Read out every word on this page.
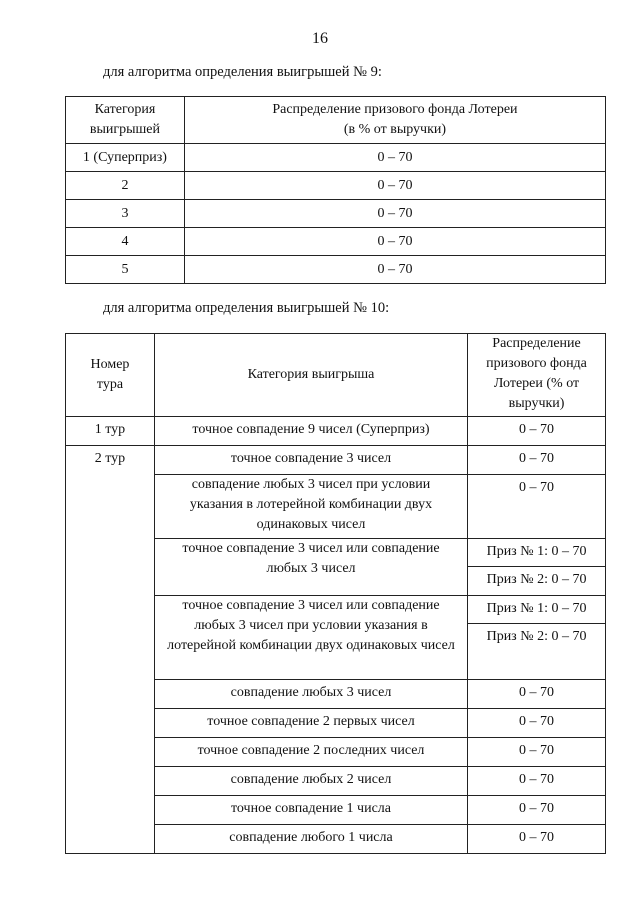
16
для алгоритма определения выигрышей № 9:
Категория выигрышей	Распределение призового фонда Лотереи
(в % от выручки)

1 (Суперприз)	0 – 70
2	0 – 70
3	0 – 70
4	0 – 70
5	0 – 70
для алгоритма определения выигрышей № 10:
Номер тура	Категория выигрыша	Распределение призового фонда Лотереи (% от выручки)
1 тур	точное совпадение 9 чисел (Суперприз)	0 – 70
2 тур	точное совпадение 3 чисел	0 – 70
	совпадение любых 3 чисел при условии указания в лотерейной комбинации двух одинаковых чисел	0 – 70
	точное совпадение 3 чисел или совпадение любых 3 чисел	Приз № 1: 0 – 70
		Приз № 2: 0 – 70
	точное совпадение 3 чисел или совпадение любых 3 чисел при условии указания в лотерейной комбинации двух одинаковых чисел	Приз № 1: 0 – 70
		Приз № 2: 0 – 70
	совпадение любых 3 чисел	0 – 70
	точное совпадение 2 первых чисел	0 – 70
	точное совпадение 2 последних чисел	0 – 70
	совпадение любых 2 чисел	0 – 70
	точное совпадение 1 числа	0 – 70
	совпадение любого 1 числа	0 – 70
